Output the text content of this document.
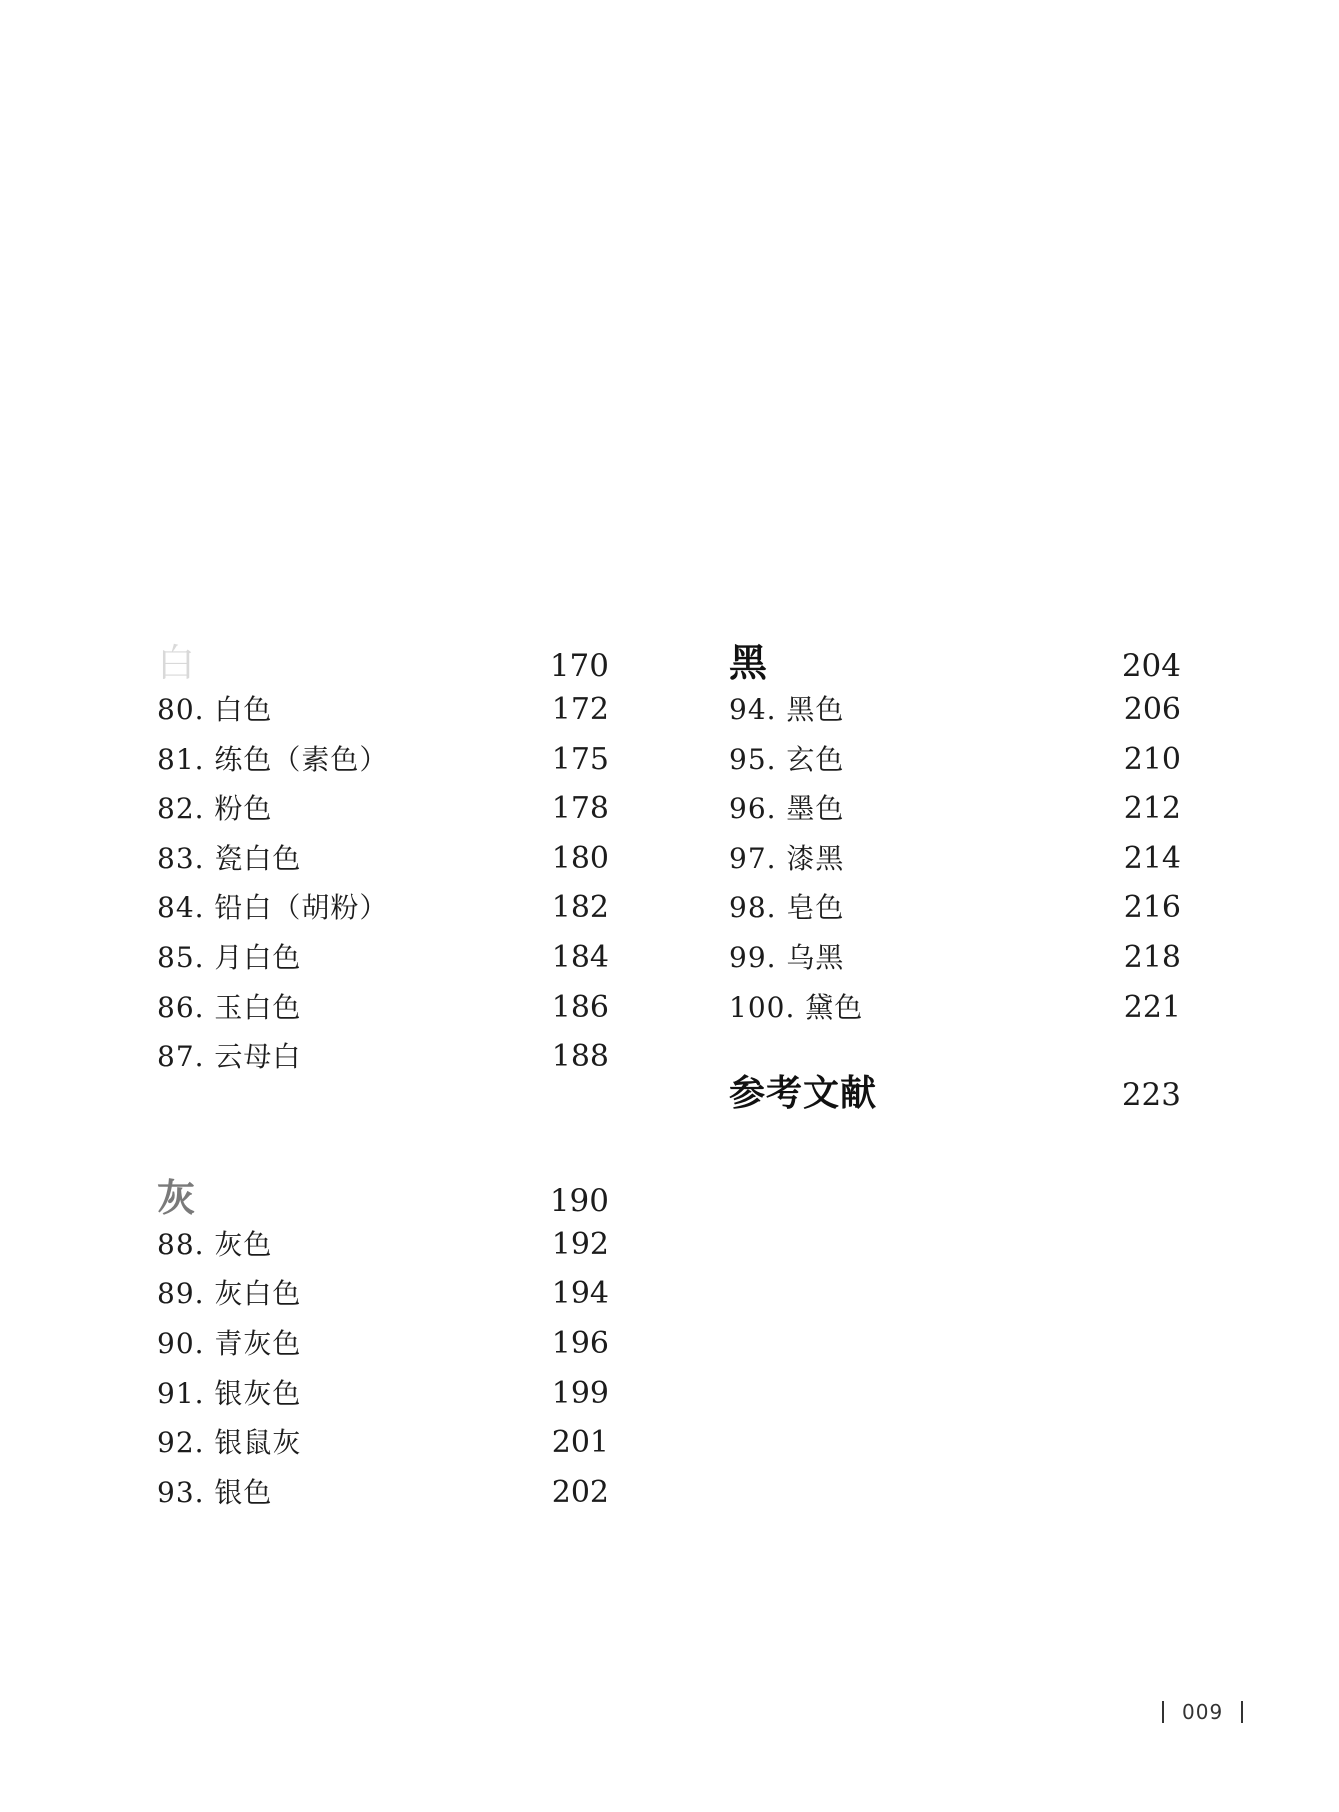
白	170
80. 白色	172
81. 练色（素色）	175
82. 粉色	178
83. 瓷白色	180
84. 铅白（胡粉）	182
85. 月白色	184
86. 玉白色	186
87. 云母白	188
灰	190
88. 灰色	192
89. 灰白色	194
90. 青灰色	196
91. 银灰色	199
92. 银鼠灰	201
93. 银色	202
黑	204
94. 黑色	206
95. 玄色	210
96. 墨色	212
97. 漆黑	214
98. 皂色	216
99. 乌黑	218
100. 黛色	221
参考文献	223
009
